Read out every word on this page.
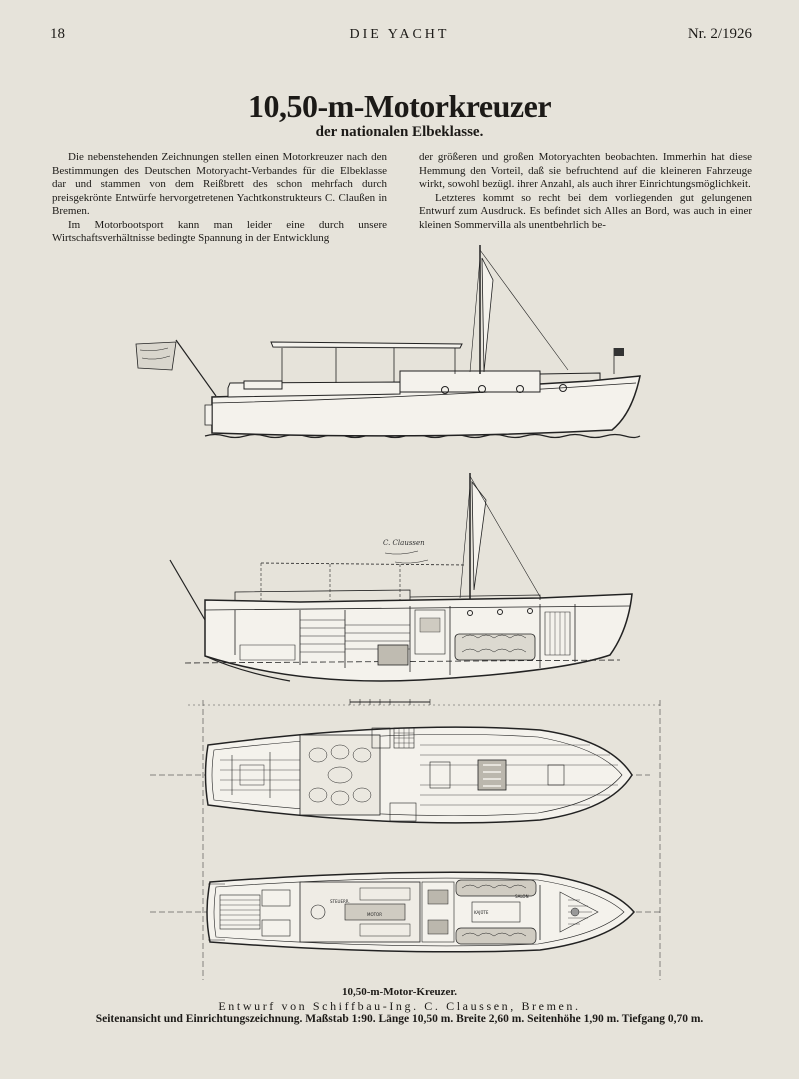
18	DIE YACHT	Nr. 2/1926
10,50-m-Motorkreuzer
der nationalen Elbeklasse.

Die nebenstehenden Zeichnungen stellen einen Motorkreuzer nach den Bestimmungen des Deutschen Motoryacht-Verbandes für die Elbeklasse dar und stammen von dem Reißbrett des schon mehrfach durch preisgekrönte Entwürfe hervorgetretenen Yachtkonstrukteurs C. Claußen in Bremen.

Im Motorbootsport kann man leider eine durch unsere Wirtschaftsverhältnisse bedingte Spannung in der Entwicklung

der größeren und großen Motoryachten beobachten. Immerhin hat diese Hemmung den Vorteil, daß sie befruchtend auf die kleineren Fahrzeuge wirkt, sowohl bezügl. ihrer Anzahl, als auch ihrer Einrichtungsmöglichkeit.

Letzteres kommt so recht bei dem vorliegenden gut gelungenen Entwurf zum Ausdruck. Es befindet sich Alles an Bord, was auch in einer kleinen Sommervilla als unentbehrlich be-

C. Claussen
STEUERR.
MOTOR	KAJÜTE
SALON
10,50-m-Motor-Kreuzer.
Entwurf von Schiffbau-Ing. C. Claussen, Bremen.
Seitenansicht und Einrichtungszeichnung. Maßstab 1:90. Länge 10,50 m. Breite 2,60 m. Seitenhöhe 1,90 m. Tiefgang 0,70 m.
